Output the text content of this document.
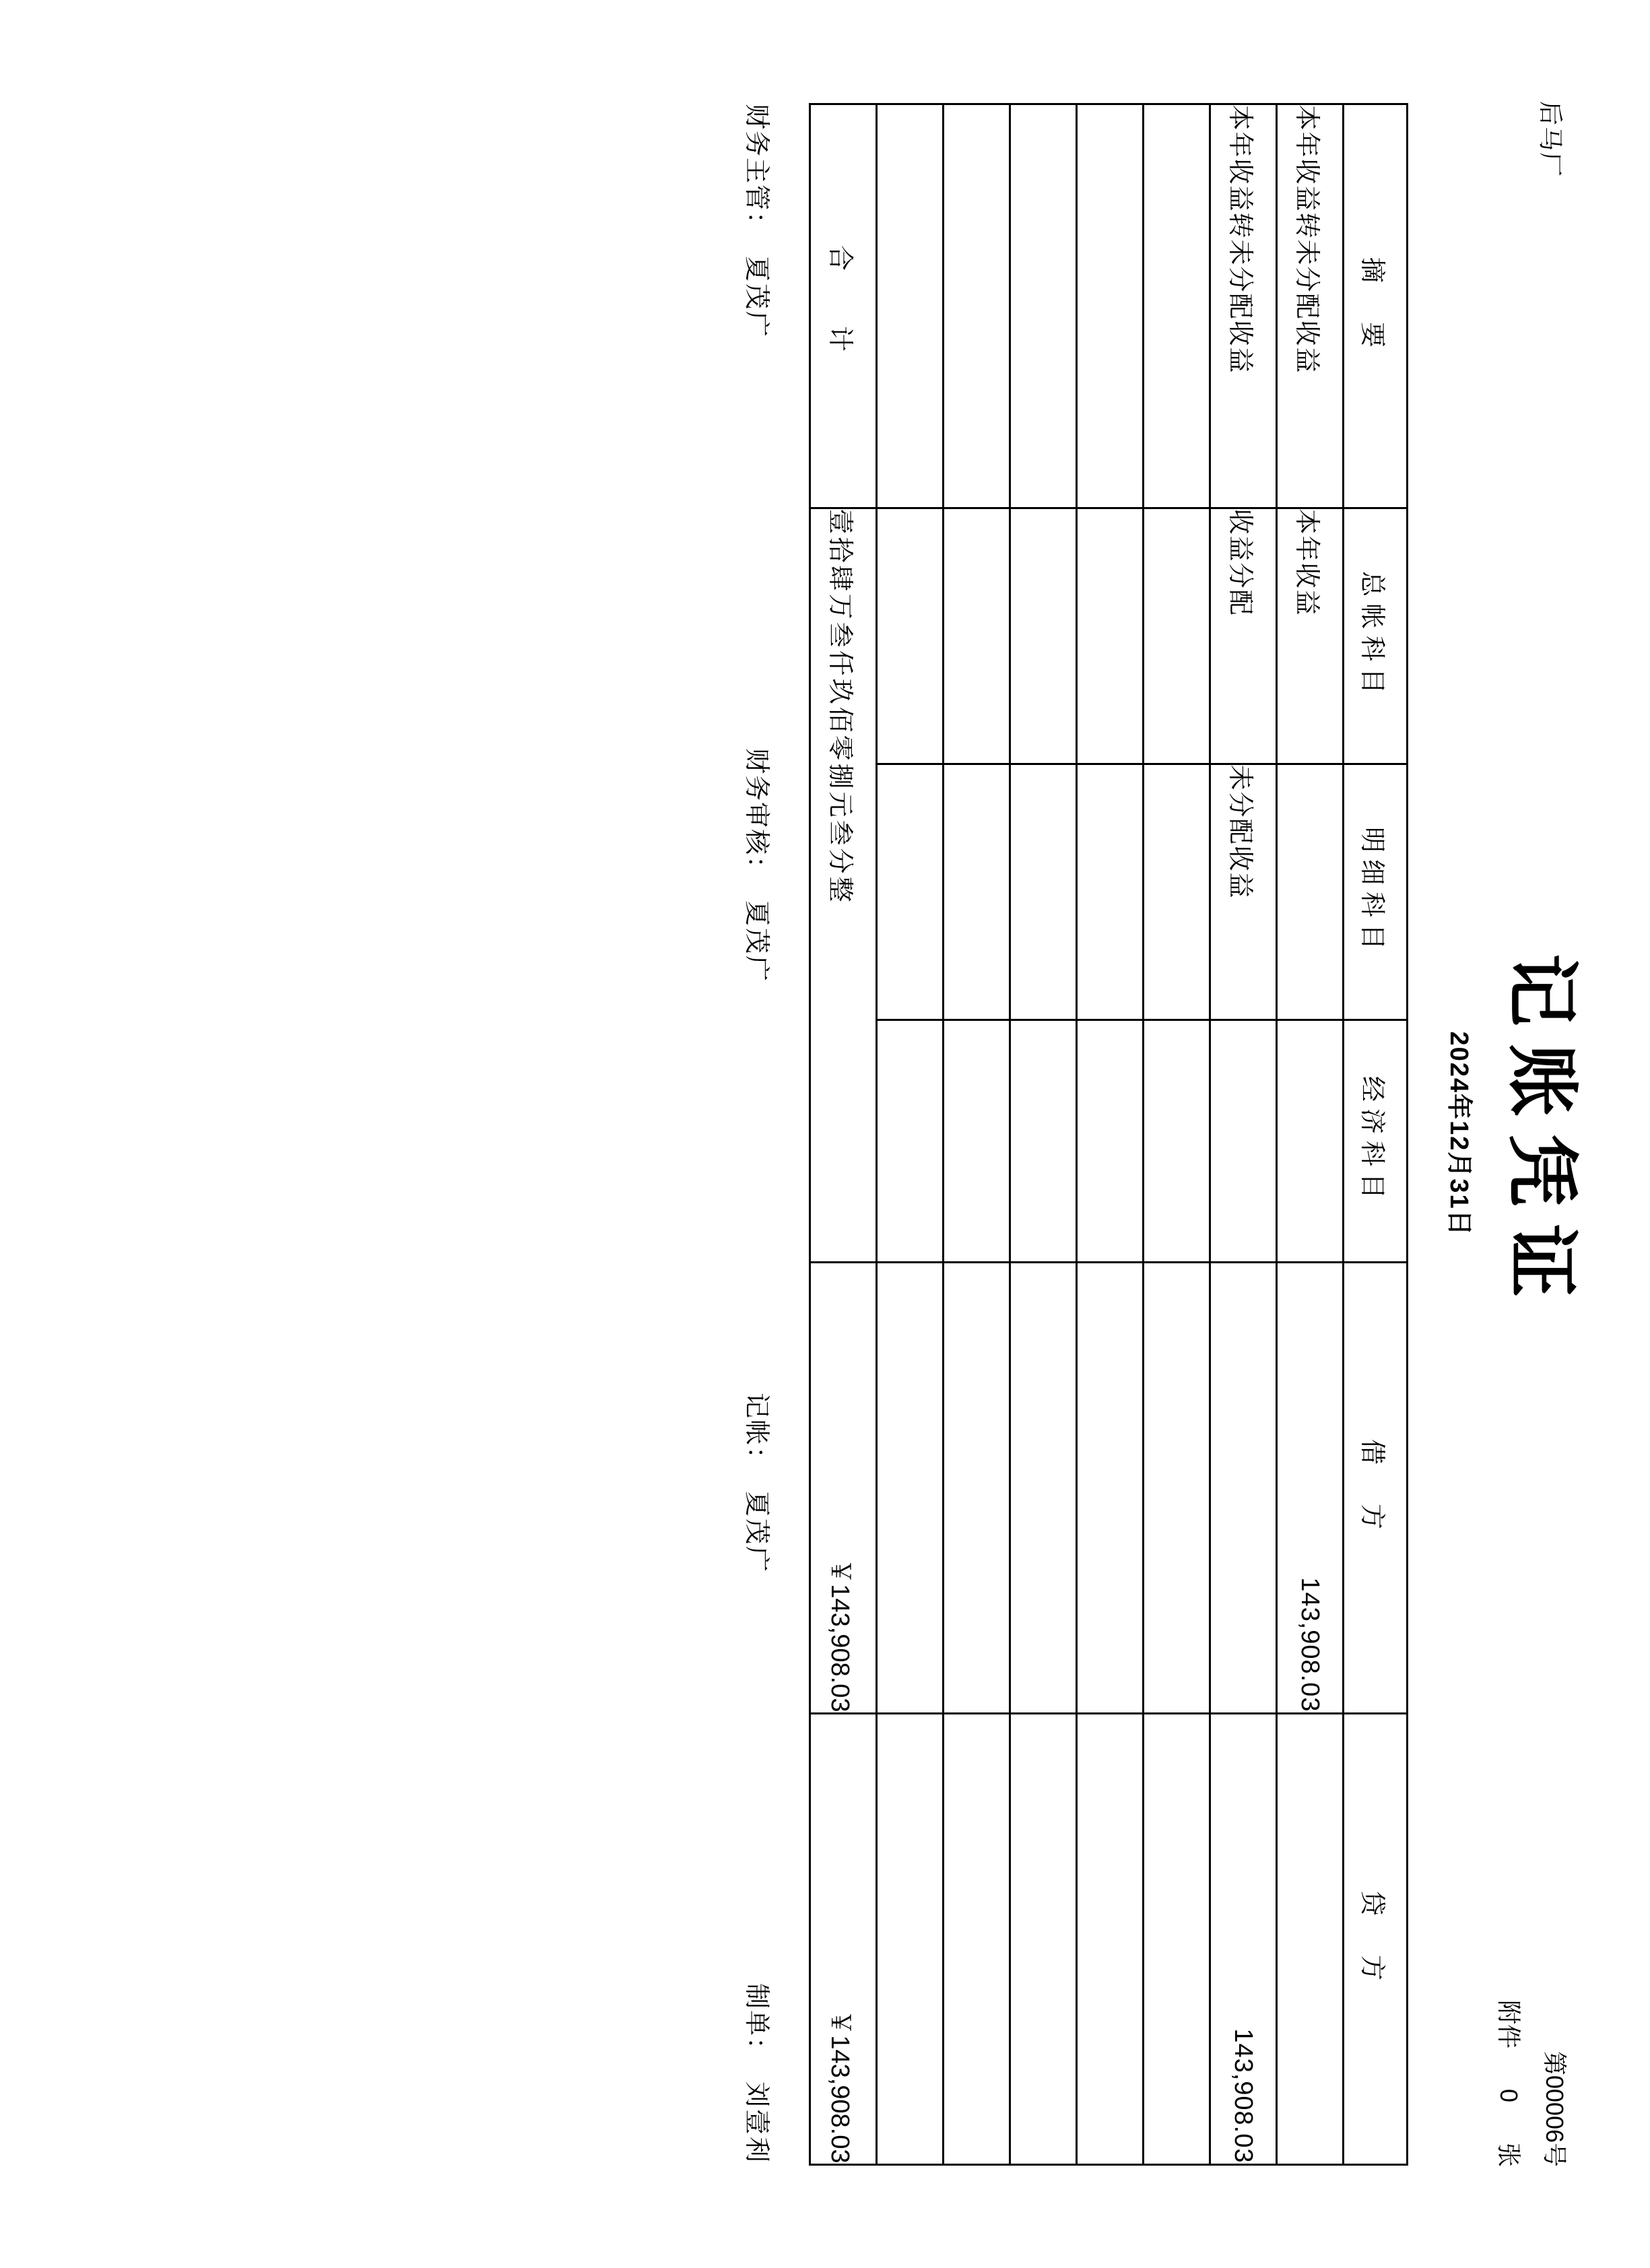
后马厂
第00006号
附件
0
张
记账凭证
2024年12月31日
摘　要	总帐科目	明细科目	经济科目	借　方	贷　方
本年收益转未分配收益	本年收益			143,908.03	
本年收益转未分配收益	收益分配	未分配收益			143,908.03

合　计	壹拾肆万叁仟玖佰零捌元叁分整			￥143,908.03	￥143,908.03
财务主管：
夏茂广
财务审核：
夏茂广
记帐：
夏茂广
制单：
刘壹利
